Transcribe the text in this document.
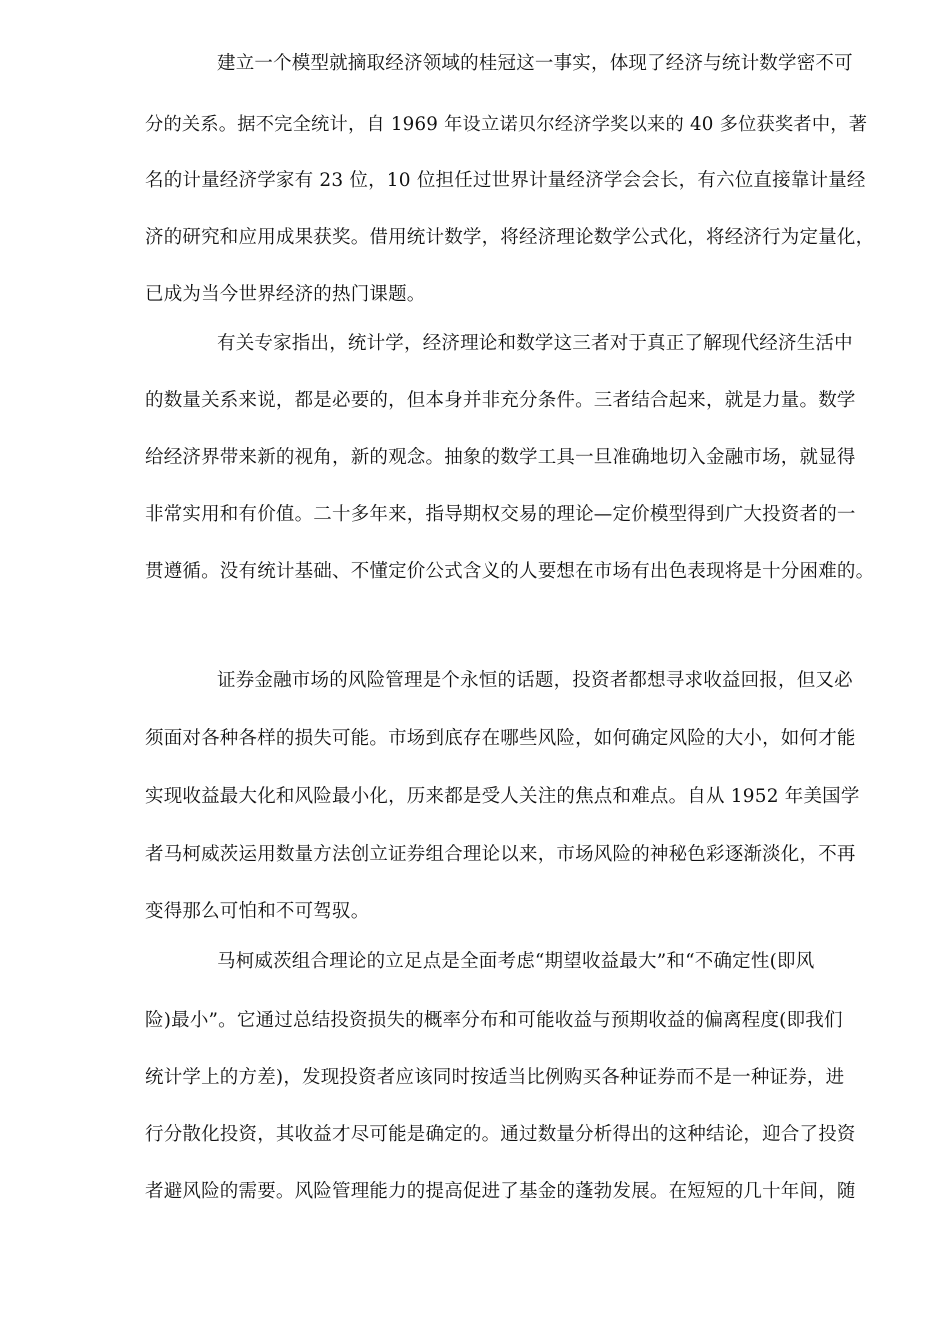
建立一个模型就摘取经济领域的桂冠这一事实，体现了经济与统计数学密不可
分的关系。据不完全统计，自 1969 年设立诺贝尔经济学奖以来的 40 多位获奖者中，著
名的计量经济学家有 23 位，10 位担任过世界计量经济学会会长，有六位直接靠计量经
济的研究和应用成果获奖。借用统计数学，将经济理论数学公式化，将经济行为定量化，
已成为当今世界经济的热门课题。
有关专家指出，统计学，经济理论和数学这三者对于真正了解现代经济生活中
的数量关系来说，都是必要的，但本身并非充分条件。三者结合起来，就是力量。数学
给经济界带来新的视角，新的观念。抽象的数学工具一旦准确地切入金融市场，就显得
非常实用和有价值。二十多年来，指导期权交易的理论—定价模型得到广大投资者的一
贯遵循。没有统计基础、不懂定价公式含义的人要想在市场有出色表现将是十分困难的。
证券金融市场的风险管理是个永恒的话题，投资者都想寻求收益回报，但又必
须面对各种各样的损失可能。市场到底存在哪些风险，如何确定风险的大小，如何才能
实现收益最大化和风险最小化，历来都是受人关注的焦点和难点。自从 1952 年美国学
者马柯威茨运用数量方法创立证券组合理论以来，市场风险的神秘色彩逐渐淡化，不再
变得那么可怕和不可驾驭。
马柯威茨组合理论的立足点是全面考虑“期望收益最大”和“不确定性(即风
险)最小”。它通过总结投资损失的概率分布和可能收益与预期收益的偏离程度(即我们
统计学上的方差)，发现投资者应该同时按适当比例购买各种证券而不是一种证券，进
行分散化投资，其收益才尽可能是确定的。通过数量分析得出的这种结论，迎合了投资
者避风险的需要。风险管理能力的提高促进了基金的蓬勃发展。在短短的几十年间，随
